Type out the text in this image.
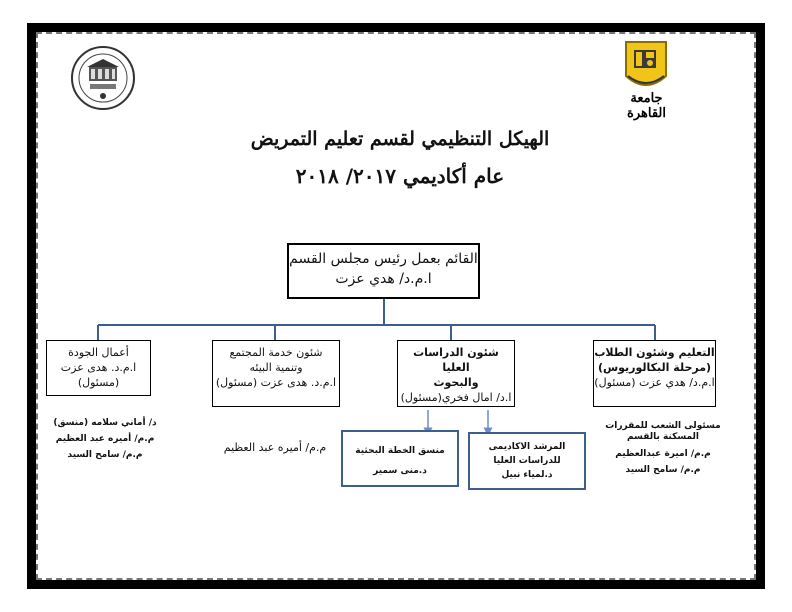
جامعة القاهرة
الهيكل التنظيمي لقسم تعليم التمريض
عام أكاديمي ٢٠١٧/ ٢٠١٨
القائم بعمل رئيس مجلس القسم
ا.م.د/ هدي عزت
التعليم وشئون الطلاب
(مرحلة البكالوريوس)
ا.م.د/ هدي عزت (مسئول)
شئون الدراسات العليا
والبحوث
ا.د/ امال فخري(مسئول)
شئون خدمة المجتمع
وتنمية البيئه
ا.م.د. هدى عزت (مسئول)
أعمال الجودة
ا.م.د. هدى عزت
(مسئول)
منسق الخطة البحثية
د.منى سمير
المرشد الاكاديمى
للدراسات العليا
د.لمياء نبيل
مسئولى الشعب للمقررات
المسكنة بالقسم
م.م/ اميرة عبدالعظيم
م.م/ سامح السيد
م.م/ أميره عبد العظيم
د/ أماني سلامه (منسق)
م.م/ أميره عبد العظيم
م.م/ سامح السيد
